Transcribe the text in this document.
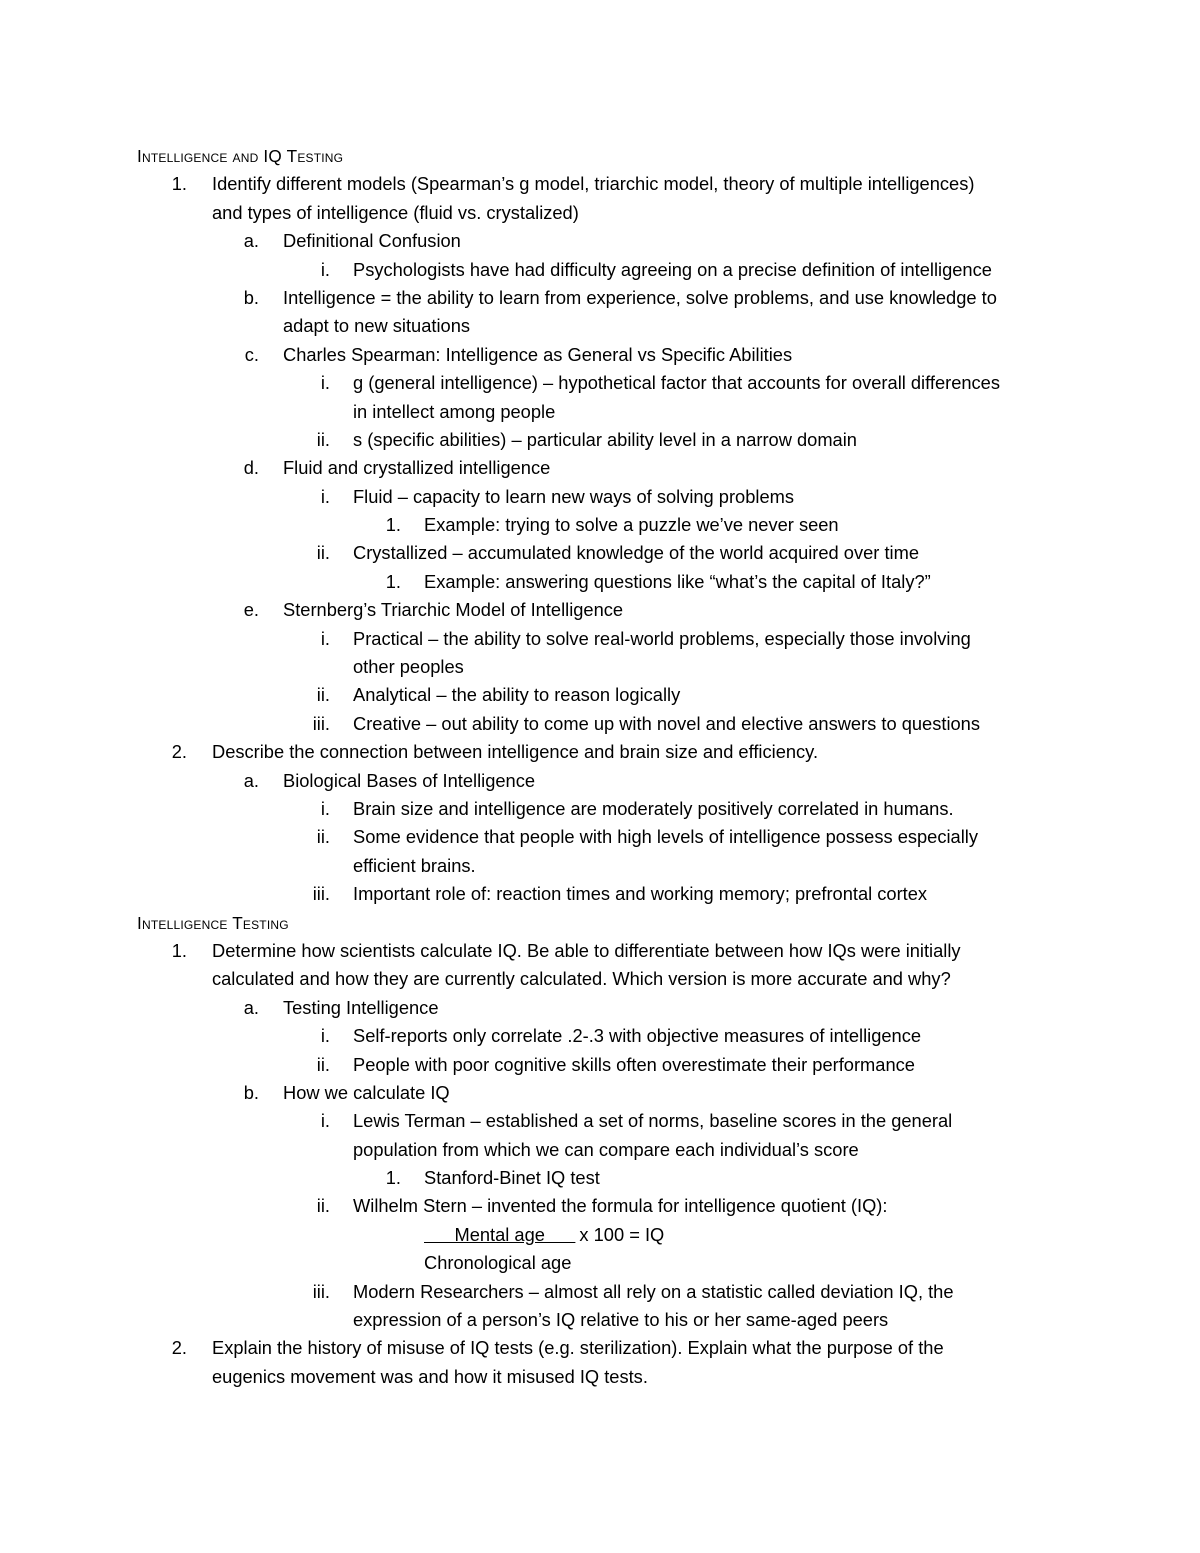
Intelligence and IQ Testing
1. Identify different models (Spearman’s g model, triarchic model, theory of multiple intelligences)
and types of intelligence (fluid vs. crystalized)
a. Definitional Confusion
i. Psychologists have had difficulty agreeing on a precise definition of intelligence
b. Intelligence = the ability to learn from experience, solve problems, and use knowledge to
adapt to new situations
c. Charles Spearman: Intelligence as General vs Specific Abilities
i. g (general intelligence) – hypothetical factor that accounts for overall differences
in intellect among people
ii. s (specific abilities) – particular ability level in a narrow domain
d. Fluid and crystallized intelligence
i. Fluid – capacity to learn new ways of solving problems
1. Example: trying to solve a puzzle we’ve never seen
ii. Crystallized – accumulated knowledge of the world acquired over time
1. Example: answering questions like “what’s the capital of Italy?”
e. Sternberg’s Triarchic Model of Intelligence
i. Practical – the ability to solve real-world problems, especially those involving
other peoples
ii. Analytical – the ability to reason logically
iii. Creative – out ability to come up with novel and elective answers to questions
2. Describe the connection between intelligence and brain size and efficiency.
a. Biological Bases of Intelligence
i. Brain size and intelligence are moderately positively correlated in humans.
ii. Some evidence that people with high levels of intelligence possess especially
efficient brains.
iii. Important role of: reaction times and working memory; prefrontal cortex
Intelligence Testing
1. Determine how scientists calculate IQ. Be able to differentiate between how IQs were initially
calculated and how they are currently calculated. Which version is more accurate and why?
a. Testing Intelligence
i. Self-reports only correlate .2-.3 with objective measures of intelligence
ii. People with poor cognitive skills often overestimate their performance
b. How we calculate IQ
i. Lewis Terman – established a set of norms, baseline scores in the general
population from which we can compare each individual’s score
1. Stanford-Binet IQ test
ii. Wilhelm Stern – invented the formula for intelligence quotient (IQ):
Mental age      x 100 = IQ
Chronological age
iii. Modern Researchers – almost all rely on a statistic called deviation IQ, the
expression of a person’s IQ relative to his or her same-aged peers
2. Explain the history of misuse of IQ tests (e.g. sterilization). Explain what the purpose of the
eugenics movement was and how it misused IQ tests.
